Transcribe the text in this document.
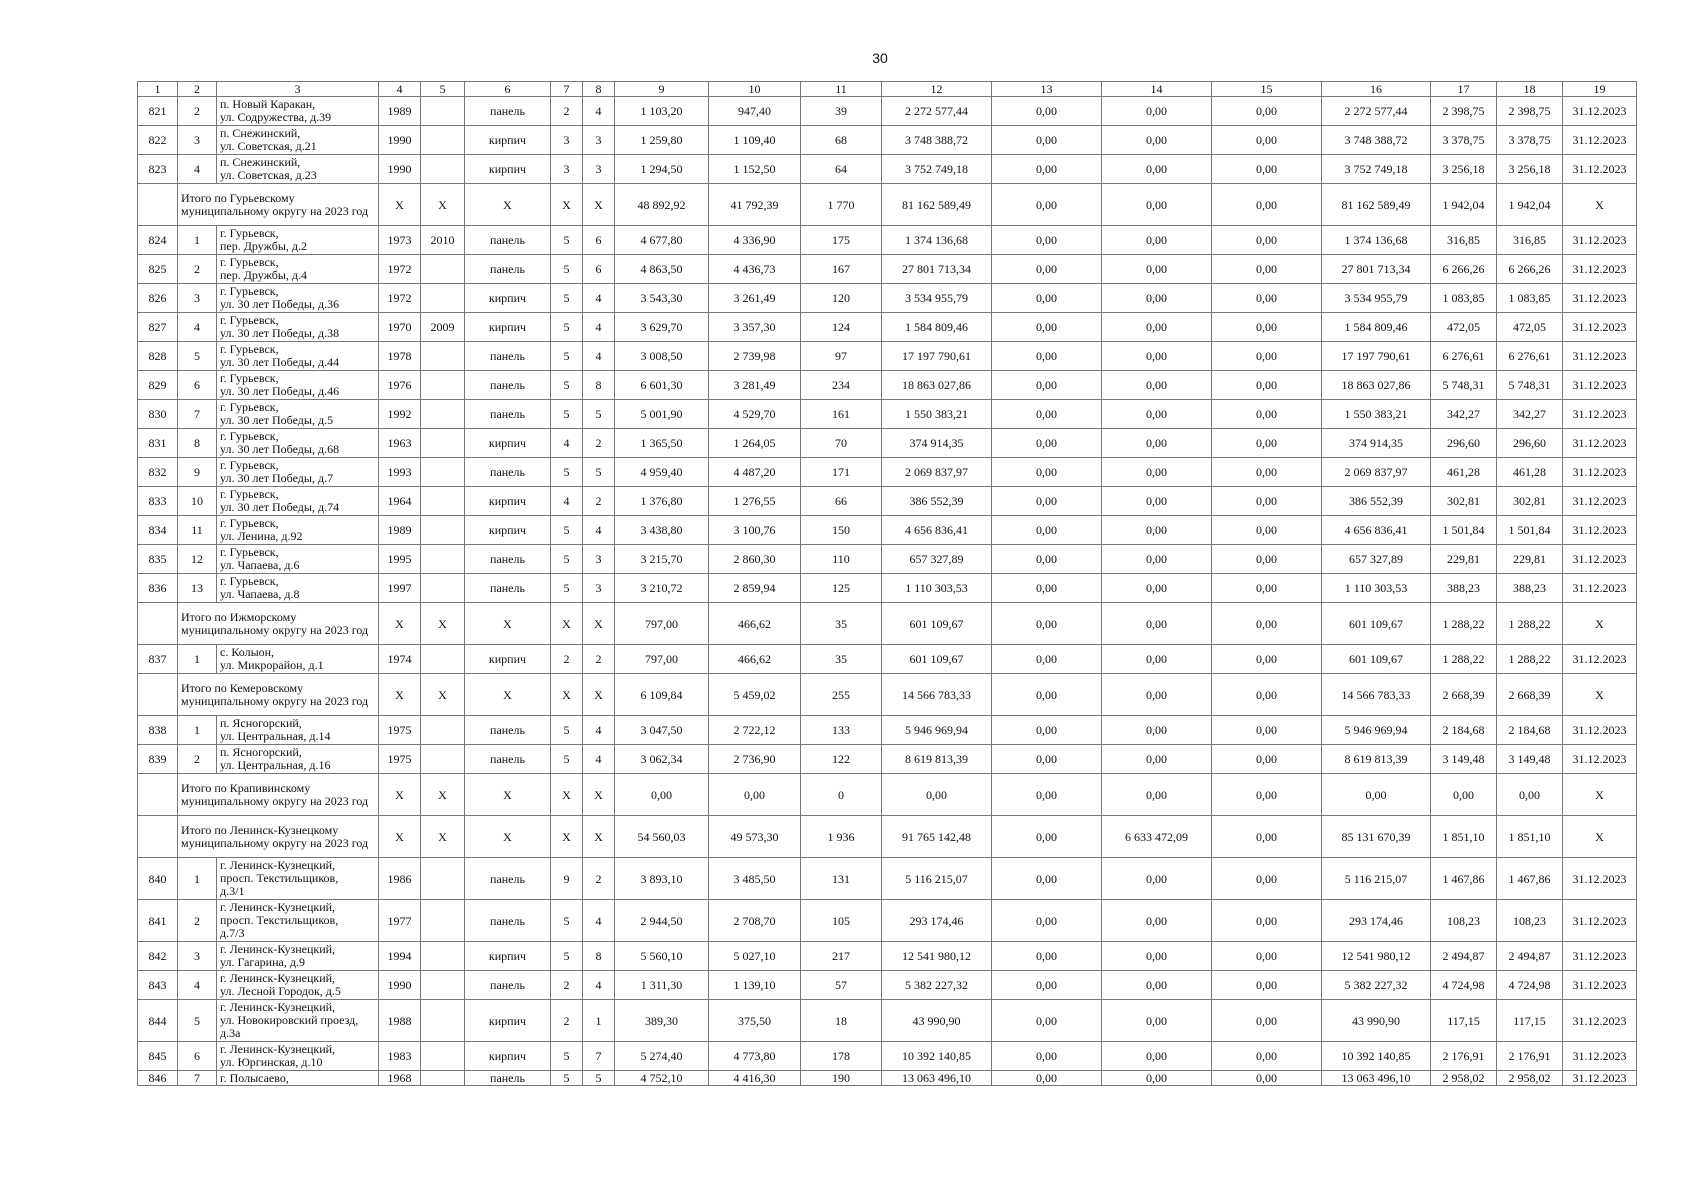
30
1	2	3	4	5	6	7	8	9	10	11	12	13	14	15	16	17	18	19
821	2	п. Новый Каракан,
ул. Содружества, д.39	1989		панель	2	4	1 103,20	947,40	39	2 272 577,44	0,00	0,00	0,00	2 272 577,44	2 398,75	2 398,75	31.12.2023
822	3	п. Снежинский,
ул. Советская, д.21	1990		кирпич	3	3	1 259,80	1 109,40	68	3 748 388,72	0,00	0,00	0,00	3 748 388,72	3 378,75	3 378,75	31.12.2023
823	4	п. Снежинский,
ул. Советская, д.23	1990		кирпич	3	3	1 294,50	1 152,50	64	3 752 749,18	0,00	0,00	0,00	3 752 749,18	3 256,18	3 256,18	31.12.2023
	Итого по Гурьевскому муниципальному округу на 2023 год		X	X	X	X	X	48 892,92	41 792,39	1 770	81 162 589,49	0,00	0,00	0,00	81 162 589,49	1 942,04	1 942,04	X
824	1	г. Гурьевск,
пер. Дружбы, д.2	1973	2010	панель	5	6	4 677,80	4 336,90	175	1 374 136,68	0,00	0,00	0,00	1 374 136,68	316,85	316,85	31.12.2023
825	2	г. Гурьевск,
пер. Дружбы, д.4	1972		панель	5	6	4 863,50	4 436,73	167	27 801 713,34	0,00	0,00	0,00	27 801 713,34	6 266,26	6 266,26	31.12.2023
826	3	г. Гурьевск,
ул. 30 лет Победы, д.36	1972		кирпич	5	4	3 543,30	3 261,49	120	3 534 955,79	0,00	0,00	0,00	3 534 955,79	1 083,85	1 083,85	31.12.2023
827	4	г. Гурьевск,
ул. 30 лет Победы, д.38	1970	2009	кирпич	5	4	3 629,70	3 357,30	124	1 584 809,46	0,00	0,00	0,00	1 584 809,46	472,05	472,05	31.12.2023
828	5	г. Гурьевск,
ул. 30 лет Победы, д.44	1978		панель	5	4	3 008,50	2 739,98	97	17 197 790,61	0,00	0,00	0,00	17 197 790,61	6 276,61	6 276,61	31.12.2023
829	6	г. Гурьевск,
ул. 30 лет Победы, д.46	1976		панель	5	8	6 601,30	3 281,49	234	18 863 027,86	0,00	0,00	0,00	18 863 027,86	5 748,31	5 748,31	31.12.2023
830	7	г. Гурьевск,
ул. 30 лет Победы, д.5	1992		панель	5	5	5 001,90	4 529,70	161	1 550 383,21	0,00	0,00	0,00	1 550 383,21	342,27	342,27	31.12.2023
831	8	г. Гурьевск,
ул. 30 лет Победы, д.68	1963		кирпич	4	2	1 365,50	1 264,05	70	374 914,35	0,00	0,00	0,00	374 914,35	296,60	296,60	31.12.2023
832	9	г. Гурьевск,
ул. 30 лет Победы, д.7	1993		панель	5	5	4 959,40	4 487,20	171	2 069 837,97	0,00	0,00	0,00	2 069 837,97	461,28	461,28	31.12.2023
833	10	г. Гурьевск,
ул. 30 лет Победы, д.74	1964		кирпич	4	2	1 376,80	1 276,55	66	386 552,39	0,00	0,00	0,00	386 552,39	302,81	302,81	31.12.2023
834	11	г. Гурьевск,
ул. Ленина, д.92	1989		кирпич	5	4	3 438,80	3 100,76	150	4 656 836,41	0,00	0,00	0,00	4 656 836,41	1 501,84	1 501,84	31.12.2023
835	12	г. Гурьевск,
ул. Чапаева, д.6	1995		панель	5	3	3 215,70	2 860,30	110	657 327,89	0,00	0,00	0,00	657 327,89	229,81	229,81	31.12.2023
836	13	г. Гурьевск,
ул. Чапаева, д.8	1997		панель	5	3	3 210,72	2 859,94	125	1 110 303,53	0,00	0,00	0,00	1 110 303,53	388,23	388,23	31.12.2023
	Итого по Ижморскому муниципальному округу на 2023 год		X	X	X	X	X	797,00	466,62	35	601 109,67	0,00	0,00	0,00	601 109,67	1 288,22	1 288,22	X
837	1	с. Колыон,
ул. Микрорайон, д.1	1974		кирпич	2	2	797,00	466,62	35	601 109,67	0,00	0,00	0,00	601 109,67	1 288,22	1 288,22	31.12.2023
	Итого по Кемеровскому муниципальному округу на 2023 год		X	X	X	X	X	6 109,84	5 459,02	255	14 566 783,33	0,00	0,00	0,00	14 566 783,33	2 668,39	2 668,39	X
838	1	п. Ясногорский,
ул. Центральная, д.14	1975		панель	5	4	3 047,50	2 722,12	133	5 946 969,94	0,00	0,00	0,00	5 946 969,94	2 184,68	2 184,68	31.12.2023
839	2	п. Ясногорский,
ул. Центральная, д.16	1975		панель	5	4	3 062,34	2 736,90	122	8 619 813,39	0,00	0,00	0,00	8 619 813,39	3 149,48	3 149,48	31.12.2023
	Итого по Крапивинскому муниципальному округу на 2023 год		X	X	X	X	X	0,00	0,00	0	0,00	0,00	0,00	0,00	0,00	0,00	0,00	X
	Итого по Ленинск-Кузнецкому муниципальному округу на 2023 год		X	X	X	X	X	54 560,03	49 573,30	1 936	91 765 142,48	0,00	6 633 472,09	0,00	85 131 670,39	1 851,10	1 851,10	X
840	1	г. Ленинск-Кузнецкий,
просп. Текстильщиков,
д.3/1	1986		панель	9	2	3 893,10	3 485,50	131	5 116 215,07	0,00	0,00	0,00	5 116 215,07	1 467,86	1 467,86	31.12.2023
841	2	г. Ленинск-Кузнецкий,
просп. Текстильщиков,
д.7/3	1977		панель	5	4	2 944,50	2 708,70	105	293 174,46	0,00	0,00	0,00	293 174,46	108,23	108,23	31.12.2023
842	3	г. Ленинск-Кузнецкий,
ул. Гагарина, д.9	1994		кирпич	5	8	5 560,10	5 027,10	217	12 541 980,12	0,00	0,00	0,00	12 541 980,12	2 494,87	2 494,87	31.12.2023
843	4	г. Ленинск-Кузнецкий,
ул. Лесной Городок, д.5	1990		панель	2	4	1 311,30	1 139,10	57	5 382 227,32	0,00	0,00	0,00	5 382 227,32	4 724,98	4 724,98	31.12.2023
844	5	г. Ленинск-Кузнецкий,
ул. Новокировский проезд,
д.3а	1988		кирпич	2	1	389,30	375,50	18	43 990,90	0,00	0,00	0,00	43 990,90	117,15	117,15	31.12.2023
845	6	г. Ленинск-Кузнецкий,
ул. Юргинская, д.10	1983		кирпич	5	7	5 274,40	4 773,80	178	10 392 140,85	0,00	0,00	0,00	10 392 140,85	2 176,91	2 176,91	31.12.2023
846	7	г. Полысаево,	1968		панель	5	5	4 752,10	4 416,30	190	13 063 496,10	0,00	0,00	0,00	13 063 496,10	2 958,02	2 958,02	31.12.2023
